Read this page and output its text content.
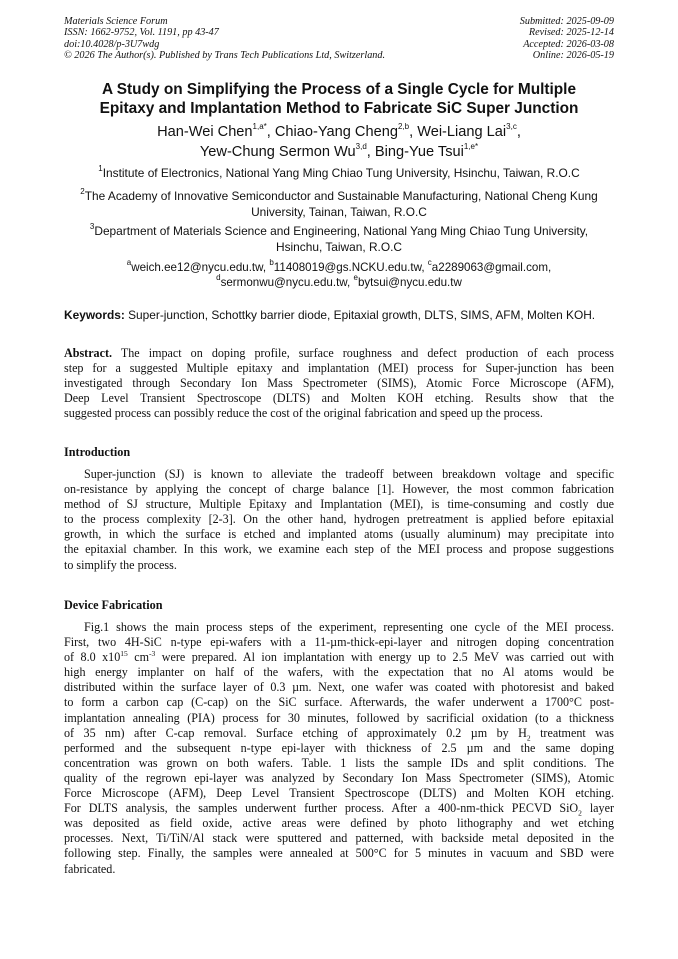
Materials Science Forum
ISSN: 1662-9752, Vol. 1191, pp 43-47
doi:10.4028/p-3U7wdg
© 2026 The Author(s). Published by Trans Tech Publications Ltd, Switzerland.
Submitted: 2025-09-09
Revised: 2025-12-14
Accepted: 2026-03-08
Online: 2026-05-19
A Study on Simplifying the Process of a Single Cycle for Multiple
Epitaxy and Implantation Method to Fabricate SiC Super Junction
Han-Wei Chen$^{1,a*}$, Chiao-Yang Cheng$^{2,b}$, Wei-Liang Lai$^{3,c}$,
Yew-Chung Sermon Wu$^{3,d}$, Bing-Yue Tsui$^{1,e*}$
$^1$Institute of Electronics, National Yang Ming Chiao Tung University, Hsinchu, Taiwan, R.O.C
$^2$The Academy of Innovative Semiconductor and Sustainable Manufacturing, National Cheng Kung
University, Tainan, Taiwan, R.O.C
$^3$Department of Materials Science and Engineering, National Yang Ming Chiao Tung University,
Hsinchu, Taiwan, R.O.C
$^a$weich.ee12@nycu.edu.tw, $^b$11408019@gs.NCKU.edu.tw, $^c$a2289063@gmail.com,
$^d$sermonwu@nycu.edu.tw, $^e$bytsui@nycu.edu.tw
Keywords: Super-junction, Schottky barrier diode, Epitaxial growth, DLTS, SIMS, AFM, Molten KOH.
Abstract. The impact on doping profile, surface roughness and defect production of each process
step for a suggested Multiple epitaxy and implantation (MEI) process for Super-junction has been
investigated through Secondary Ion Mass Spectrometer (SIMS), Atomic Force Microscope (AFM),
Deep Level Transient Spectroscope (DLTS) and Molten KOH etching. Results show that the
suggested process can possibly reduce the cost of the original fabrication and speed up the process.
Introduction
Super-junction (SJ) is known to alleviate the tradeoff between breakdown voltage and specific
on-resistance by applying the concept of charge balance [1]. However, the most common fabrication
method of SJ structure, Multiple Epitaxy and Implantation (MEI), is time-consuming and costly due
to the process complexity [2-3]. On the other hand, hydrogen pretreatment is applied before epitaxial
growth, in which the surface is etched and implanted atoms (usually aluminum) may precipitate into
the epitaxial chamber. In this work, we examine each step of the MEI process and propose suggestions
to simplify the process.
Device Fabrication
Fig.1 shows the main process steps of the experiment, representing one cycle of the MEI process.
First, two 4H-SiC n-type epi-wafers with a 11-µm-thick-epi-layer and nitrogen doping concentration
of 8.0 $x10^{15}$ $cm^{-3}$ were prepared. Al ion implantation with energy up to 2.5 MeV was carried out with
high energy implanter on half of the wafers, with the expectation that no Al atoms would be
distributed within the surface layer of 0.3 µm. Next, one wafer was coated with photoresist and baked
to form a carbon cap (C-cap) on the SiC surface. Afterwards, the wafer underwent a 1700°C post-
implantation annealing (PIA) process for 30 minutes, followed by sacrificial oxidation (to a thickness
of 35 nm) after C-cap removal. Surface etching of approximately 0.2 µm by $H_2$ treatment was
performed and the subsequent n-type epi-layer with thickness of 2.5 µm and the same doping
concentration was grown on both wafers. Table. 1 lists the sample IDs and split conditions. The
quality of the regrown epi-layer was analyzed by Secondary Ion Mass Spectrometer (SIMS), Atomic
Force Microscope (AFM), Deep Level Transient Spectroscope (DLTS) and Molten KOH etching.
For DLTS analysis, the samples underwent further process. After a 400-nm-thick PECVD SiO$_2$ layer
was deposited as field oxide, active areas were defined by photo lithography and wet etching
processes. Next, Ti/TiN/Al stack were sputtered and patterned, with backside metal deposited in the
following step. Finally, the samples were annealed at 500°C for 5 minutes in vacuum and SBD were
fabricated.
